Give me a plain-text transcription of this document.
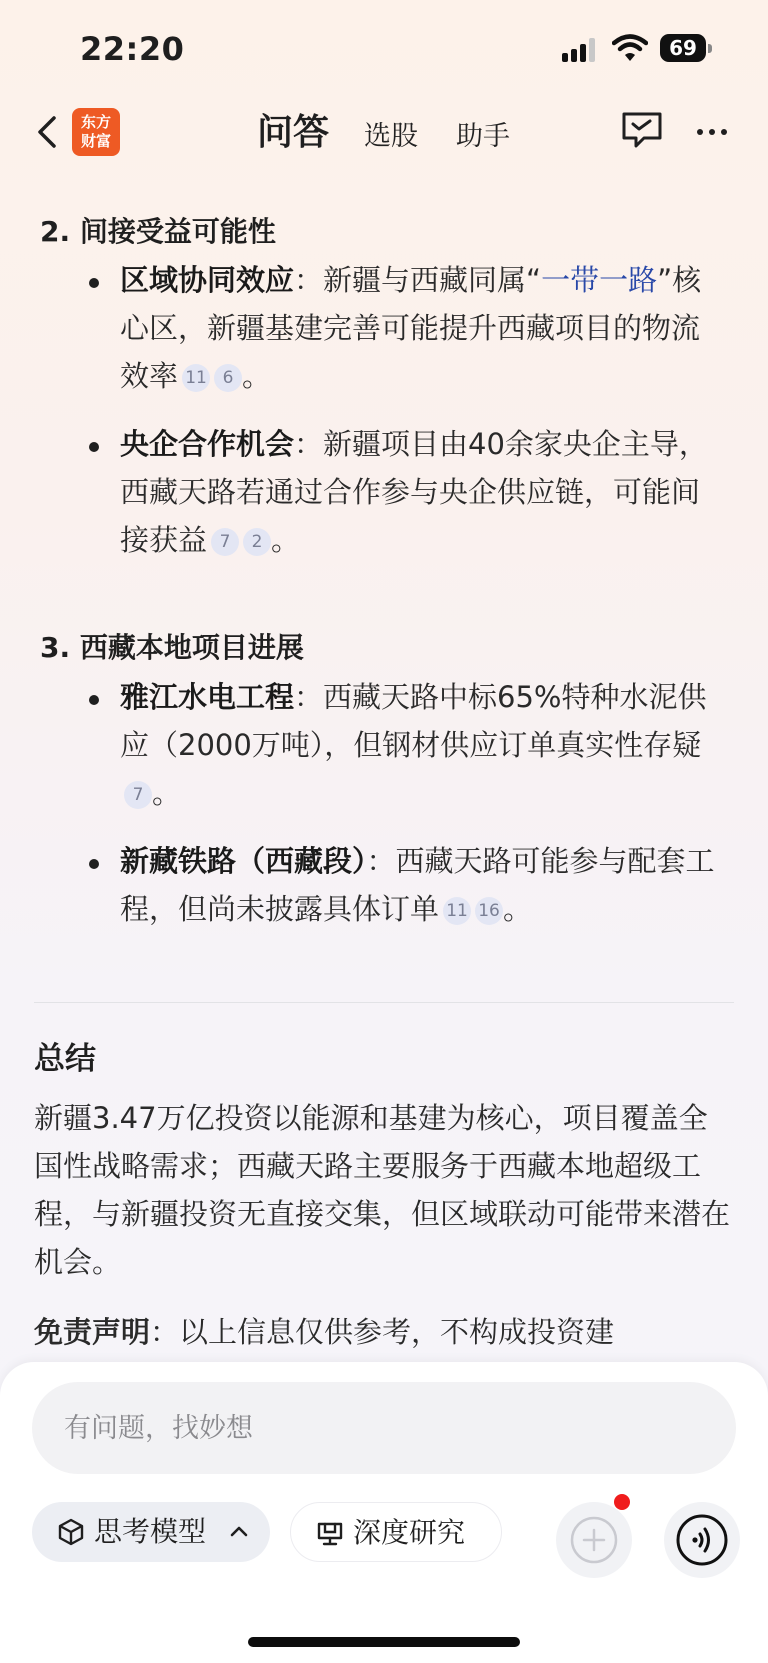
22:20	69
东方
财富	问答 选股 助手
2. 间接受益可能性
区域协同效应：新疆与西藏同属“一带一路”核心区，新疆基建完善可能提升西藏项目的物流效率 11 6 。
央企合作机会：新疆项目由40余家央企主导，西藏天路若通过合作参与央企供应链，可能间接获益 7 2 。
3. 西藏本地项目进展
雅江水电工程：西藏天路中标65%特种水泥供应（2000万吨），但钢材供应订单真实性存疑7 。
新藏铁路（西藏段）：西藏天路可能参与配套工程，但尚未披露具体订单 11 16 。
总结
新疆3.47万亿投资以能源和基建为核心，项目覆盖全国性战略需求；西藏天路主要服务于西藏本地超级工程，与新疆投资无直接交集，但区域联动可能带来潜在机会。
免责声明：以上信息仅供参考，不构成投资建
有问题，找妙想
思考模型	深度研究
